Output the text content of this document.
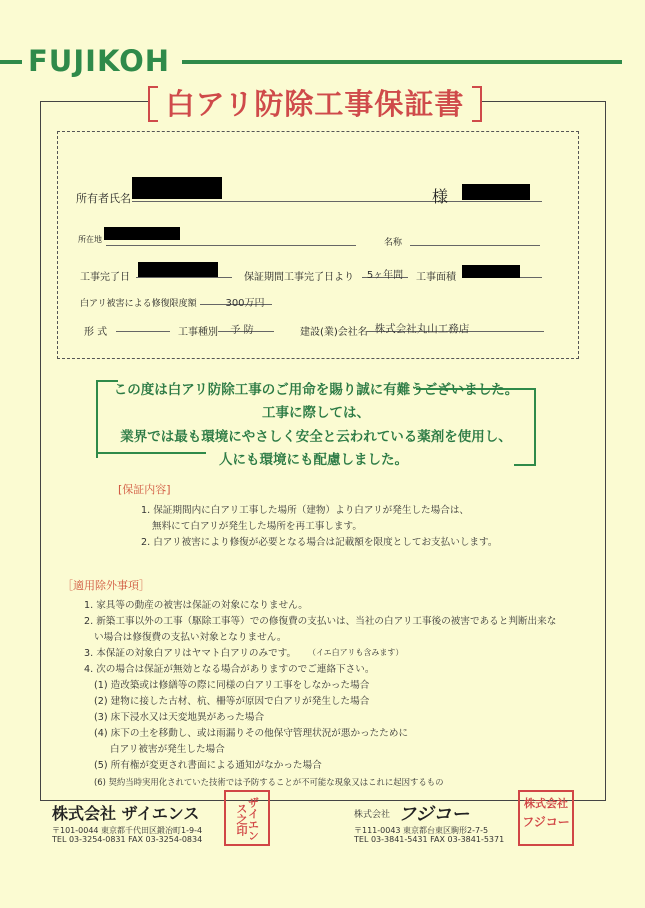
FUJIKOH
白アリ防除工事保証書
所有者氏名	様
所在地	名称
工事完了日	保証期間工事完了日より	5ヶ年間	工事面積
白アリ被害による修復限度額	300万円
形 式	工事種別	予 防	建設(業)会社名 株式会社丸山工務店
この度は白アリ防除工事のご用命を賜り誠に有難うございました。
工事に際しては、
業界では最も環境にやさしく安全と云われている薬剤を使用し、
人にも環境にも配慮しました。
[保証内容]
1. 保証期間内に白アリ工事した場所（建物）より白アリが発生した場合は、
無料にて白アリが発生した場所を再工事します。
2. 白アリ被害により修復が必要となる場合は記載額を限度としてお支払いします。
［適用除外事項］
1. 家具等の動産の被害は保証の対象になりません。
2. 新築工事以外の工事（駆除工事等）での修復費の支払いは、当社の白アリ工事後の被害であると判断出来な
い場合は修復費の支払い対象となりません。
3. 本保証の対象白アリはヤマト白アリのみです。 （イエ白アリも含みます）
4. 次の場合は保証が無効となる場合がありますのでご連絡下さい。
(1) 造改築或は修繕等の際に同様の白アリ工事をしなかった場合
(2) 建物に接した古材、杭、柵等が原因で白アリが発生した場合
(3) 床下浸水又は天変地異があった場合
(4) 床下の土を移動し、或は雨漏りその他保守管理状況が悪かったために
白アリ被害が発生した場合
(5) 所有権が変更され書面による通知がなかった場合
(6) 契約当時実用化されていた技術では予防することが不可能な現象又はこれに起因するもの
株式会社 ザイエンス
〒101-0044 東京都千代田区鍛冶町1-9-4
TEL 03-3254-0831 FAX 03-3254-0834	ザイエンス之印	株式会社 フジコー
〒111-0043 東京都台東区駒形2-7-5
TEL 03-3841-5431 FAX 03-3841-5371
株式会社
フジコー
